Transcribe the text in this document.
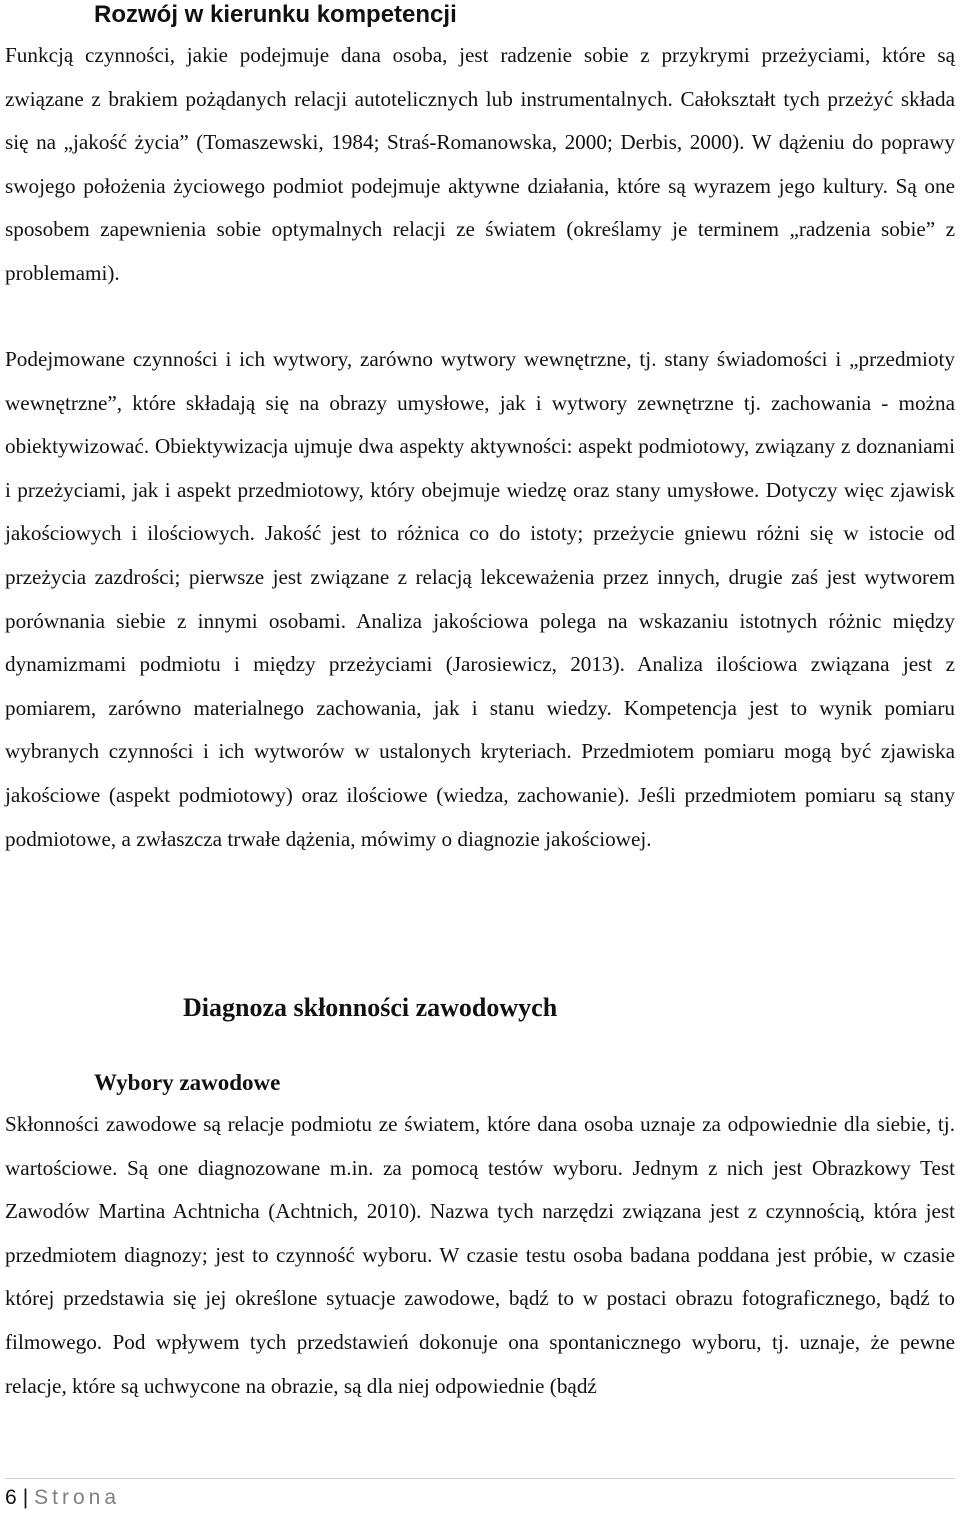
Rozwój w kierunku kompetencji

Funkcją czynności, jakie podejmuje dana osoba, jest radzenie sobie z przykrymi przeżyciami, które są związane z brakiem pożądanych relacji autotelicznych lub instrumentalnych. Całokształt tych przeżyć składa się na „jakość życia” (Tomaszewski, 1984; Straś-Romanowska, 2000; Derbis, 2000). W dążeniu do poprawy swojego położenia życiowego podmiot podejmuje aktywne działania, które są wyrazem jego kultury. Są one sposobem zapewnienia sobie optymalnych relacji ze światem (określamy je terminem „radzenia sobie” z problemami).

Podejmowane czynności i ich wytwory, zarówno wytwory wewnętrzne, tj. stany świadomości i „przedmioty wewnętrzne”, które składają się na obrazy umysłowe, jak i wytwory zewnętrzne tj. zachowania - można obiektywizować. Obiektywizacja ujmuje dwa aspekty aktywności: aspekt podmiotowy, związany z doznaniami i przeżyciami, jak i aspekt przedmiotowy, który obejmuje wiedzę oraz stany umysłowe. Dotyczy więc zjawisk jakościowych i ilościowych. Jakość jest to różnica co do istoty; przeżycie gniewu różni się w istocie od przeżycia zazdrości; pierwsze jest związane z relacją lekceważenia przez innych, drugie zaś jest wytworem porównania siebie z innymi osobami. Analiza jakościowa polega na wskazaniu istotnych różnic między dynamizmami podmiotu i między przeżyciami (Jarosiewicz, 2013). Analiza ilościowa związana jest z pomiarem, zarówno materialnego zachowania, jak i stanu wiedzy. Kompetencja jest to wynik pomiaru wybranych czynności i ich wytworów w ustalonych kryteriach. Przedmiotem pomiaru mogą być zjawiska jakościowe (aspekt podmiotowy) oraz ilościowe (wiedza, zachowanie). Jeśli przedmiotem pomiaru są stany podmiotowe, a zwłaszcza trwałe dążenia, mówimy o diagnozie jakościowej.

Diagnoza skłonności zawodowych
Wybory zawodowe

Skłonności zawodowe są relacje podmiotu ze światem, które dana osoba uznaje za odpowiednie dla siebie, tj. wartościowe. Są one diagnozowane m.in. za pomocą testów wyboru. Jednym z nich jest Obrazkowy Test Zawodów Martina Achtnicha (Achtnich, 2010). Nazwa tych narzędzi związana jest z czynnością, która jest przedmiotem diagnozy; jest to czynność wyboru. W czasie testu osoba badana poddana jest próbie, w czasie której przedstawia się jej określone sytuacje zawodowe, bądź to w postaci obrazu fotograficznego, bądź to filmowego. Pod wpływem tych przedstawień dokonuje ona spontanicznego wyboru, tj. uznaje, że pewne relacje, które są uchwycone na obrazie, są dla niej odpowiednie (bądź

6 | Strona
